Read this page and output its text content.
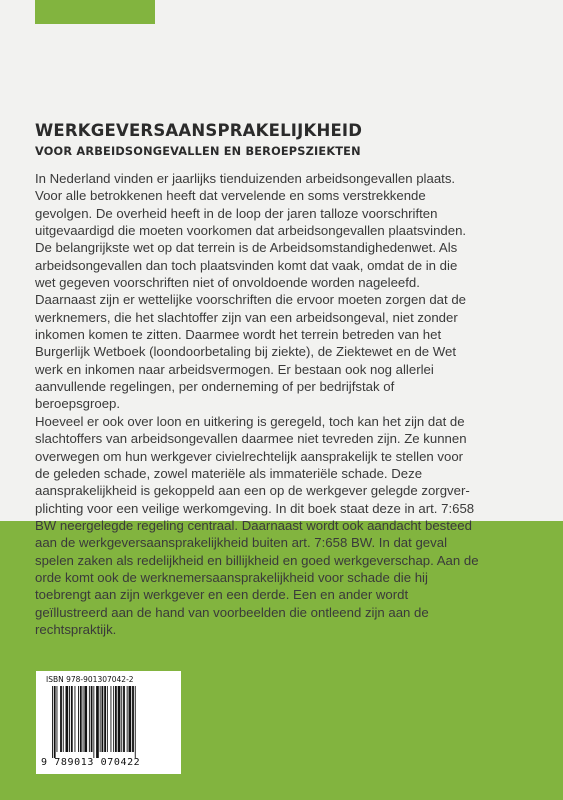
WERKGEVERSAANSPRAKELIJKHEID
VOOR ARBEIDSONGEVALLEN EN BEROEPSZIEKTEN
In Nederland vinden er jaarlijks tienduizenden arbeidsongevallen plaats.
Voor alle betrokkenen heeft dat vervelende en soms verstrekkende
gevolgen. De overheid heeft in de loop der jaren talloze voorschriften
uitgevaardigd die moeten voorkomen dat arbeidsongevallen plaatsvinden.
De belangrijkste wet op dat terrein is de Arbeidsomstandighedenwet. Als
arbeidsongevallen dan toch plaatsvinden komt dat vaak, omdat de in die
wet gegeven voorschriften niet of onvoldoende worden nageleefd.
Daarnaast zijn er wettelijke voorschriften die ervoor moeten zorgen dat de
werknemers, die het slachtoffer zijn van een arbeidsongeval, niet zonder
inkomen komen te zitten. Daarmee wordt het terrein betreden van het
Burgerlijk Wetboek (loondoorbetaling bij ziekte), de Ziektewet en de Wet
werk en inkomen naar arbeidsvermogen. Er bestaan ook nog allerlei
aanvullende regelingen, per onderneming of per bedrijfstak of
beroepsgroep.
Hoeveel er ook over loon en uitkering is geregeld, toch kan het zijn dat de
slachtoffers van arbeidsongevallen daarmee niet tevreden zijn. Ze kunnen
overwegen om hun werkgever civielrechtelijk aansprakelijk te stellen voor
de geleden schade, zowel materiële als immateriële schade. Deze
aansprakelijkheid is gekoppeld aan een op de werkgever gelegde zorgver-
plichting voor een veilige werkomgeving. In dit boek staat deze in art. 7:658
BW neergelegde regeling centraal. Daarnaast wordt ook aandacht besteed
aan de werkgeversaansprakelijkheid buiten art. 7:658 BW. In dat geval
spelen zaken als redelijkheid en billijkheid en goed werkgeverschap. Aan de
orde komt ook de werknemersaansprakelijkheid voor schade die hij
toebrengt aan zijn werkgever en een derde. Een en ander wordt
geïllustreerd aan de hand van voorbeelden die ontleend zijn aan de
rechtspraktijk.
ISBN 978-901307042-2
9 789013 070422
